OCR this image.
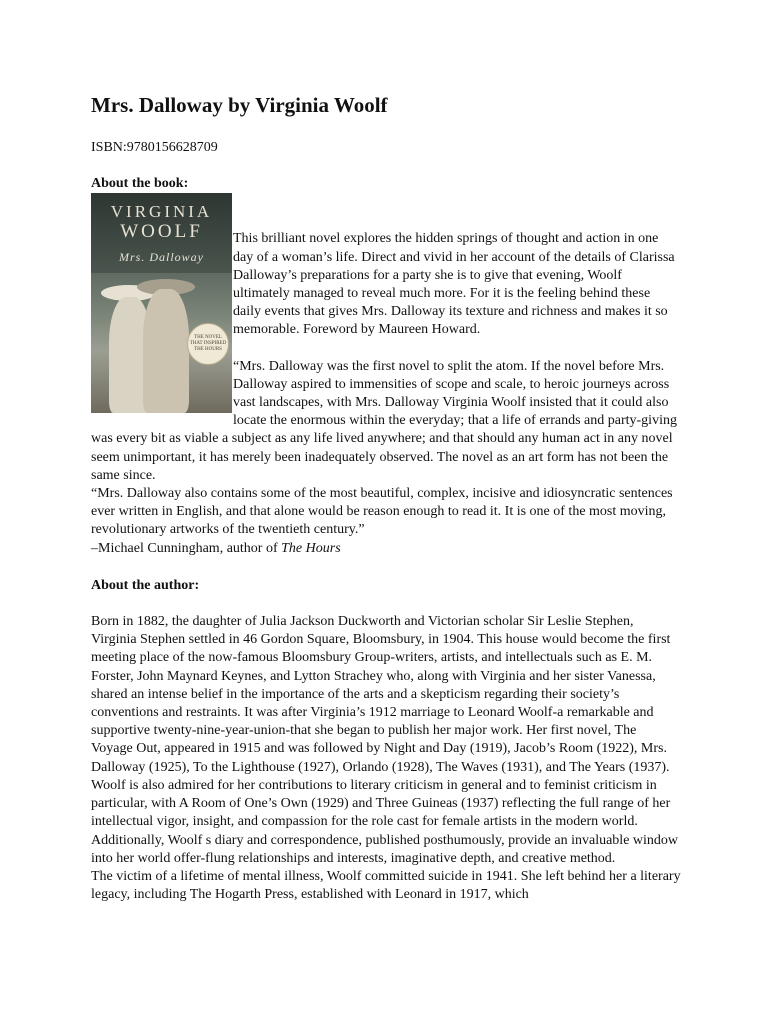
Mrs. Dalloway by Virginia Woolf
ISBN:9780156628709
About the book:
VIRGINIA
WOOLF
Mrs. Dalloway
THE NOVEL THAT INSPIRED THE HOURS

This brilliant novel explores the hidden springs of thought and action in one day of a woman’s life. Direct and vivid in her account of the details of Clarissa Dalloway’s preparations for a party she is to give that evening, Woolf ultimately managed to reveal much more. For it is the feeling behind these daily events that gives Mrs. Dalloway its texture and richness and makes it so memorable. Foreword by Maureen Howard.

“Mrs. Dalloway was the first novel to split the atom. If the novel before Mrs. Dalloway aspired to immensities of scope and scale, to heroic journeys across vast landscapes, with Mrs. Dalloway Virginia Woolf insisted that it could also locate the enormous within the everyday; that a life of errands and party-giving was every bit as viable a subject as any life lived anywhere; and that should any human act in any novel seem unimportant, it has merely been inadequately observed. The novel as an art form has not been the same since.

“Mrs. Dalloway also contains some of the most beautiful, complex, incisive and idiosyncratic sentences ever written in English, and that alone would be reason enough to read it. It is one of the most moving, revolutionary artworks of the twentieth century.”

–Michael Cunningham, author of The Hours

About the author:

Born in 1882, the daughter of Julia Jackson Duckworth and Victorian scholar Sir Leslie Stephen, Virginia Stephen settled in 46 Gordon Square, Bloomsbury, in 1904. This house would become the first meeting place of the now-famous Bloomsbury Group-writers, artists, and intellectuals such as E. M. Forster, John Maynard Keynes, and Lytton Strachey who, along with Virginia and her sister Vanessa, shared an intense belief in the importance of the arts and a skepticism regarding their society’s conventions and restraints. It was after Virginia’s 1912 marriage to Leonard Woolf-a remarkable and supportive twenty-nine-year-union-that she began to publish her major work. Her first novel, The Voyage Out, appeared in 1915 and was followed by Night and Day (1919), Jacob’s Room (1922), Mrs. Dalloway (1925), To the Lighthouse (1927), Orlando (1928), The Waves (1931), and The Years (1937).

Woolf is also admired for her contributions to literary criticism in general and to feminist criticism in particular, with A Room of One’s Own (1929) and Three Guineas (1937) reflecting the full range of her intellectual vigor, insight, and compassion for the role cast for female artists in the modern world. Additionally, Woolf s diary and correspondence, published posthumously, provide an invaluable window into her world offer-flung relationships and interests, imaginative depth, and creative method.

The victim of a lifetime of mental illness, Woolf committed suicide in 1941. She left behind her a literary legacy, including The Hogarth Press, established with Leonard in 1917, which
